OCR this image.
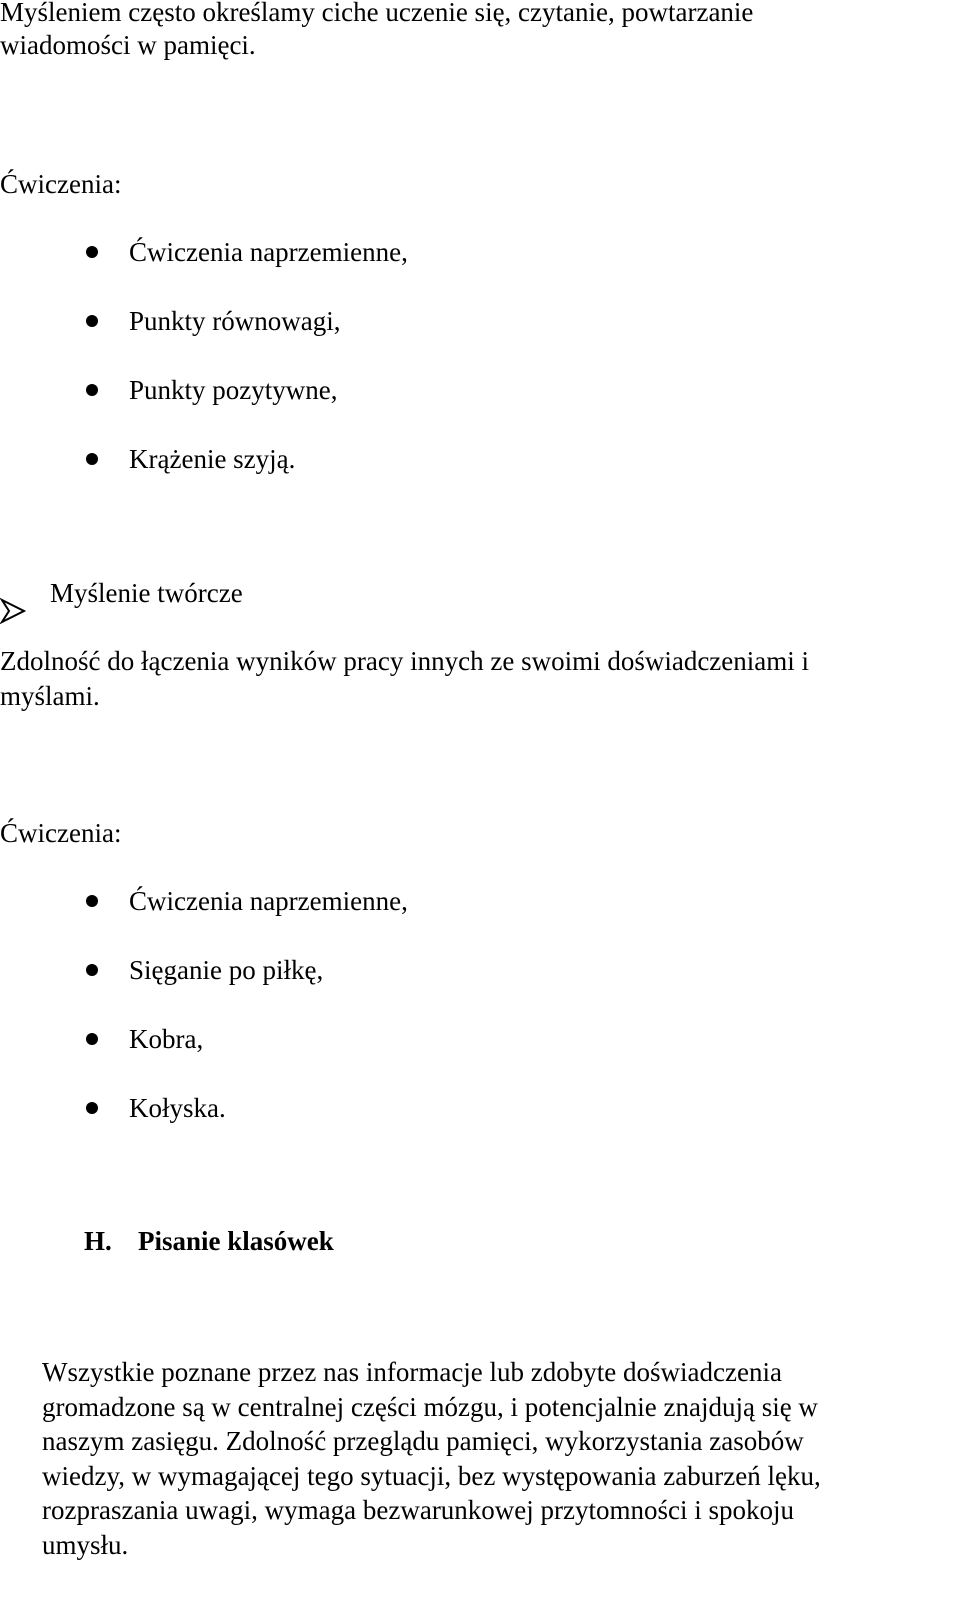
Myśleniem często określamy ciche uczenie się, czytanie, powtarzanie

wiadomości w pamięci.

Ćwiczenia:

Ćwiczenia naprzemienne,

Punkty równowagi,

Punkty pozytywne,

Krążenie szyją.

Myślenie twórcze

Zdolność do łączenia wyników pracy innych ze swoimi doświadczeniami i

myślami.

Ćwiczenia:

Ćwiczenia naprzemienne,

Sięganie po piłkę,

Kobra,

Kołyska.

H. Pisanie klasówek

Wszystkie poznane przez nas informacje lub zdobyte doświadczenia
gromadzone są w centralnej części mózgu, i potencjalnie znajdują się w
naszym zasięgu. Zdolność przeglądu pamięci, wykorzystania zasobów
wiedzy, w wymagającej tego sytuacji, bez występowania zaburzeń lęku,
rozpraszania uwagi, wymaga bezwarunkowej przytomności i spokoju
umysłu.
